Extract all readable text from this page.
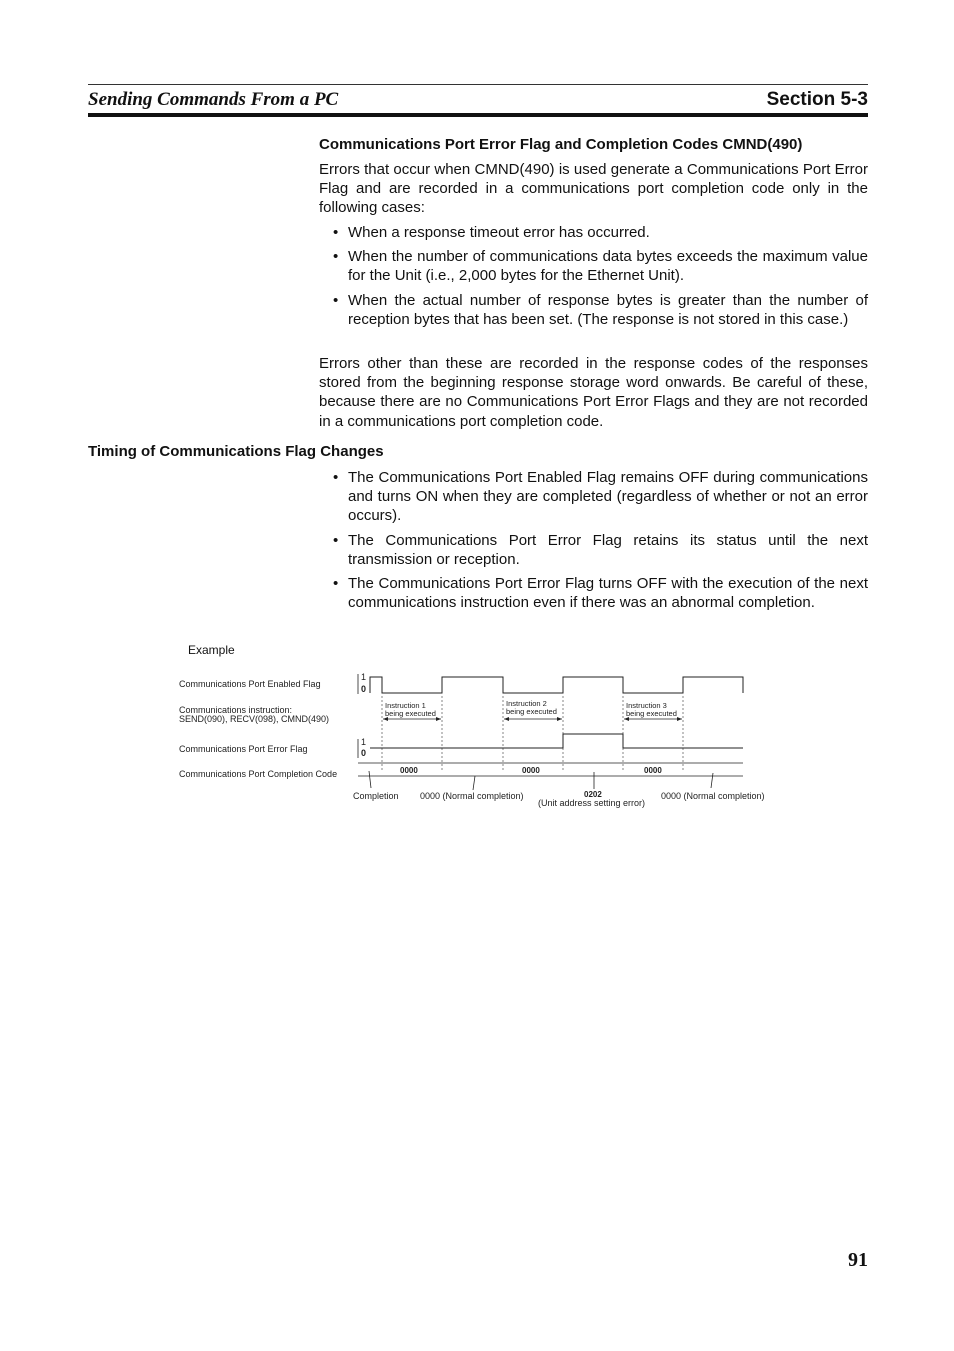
Sending Commands From a PC	Section 5-3
Communications Port Error Flag and Completion Codes CMND(490)

Errors that occur when CMND(490) is used generate a Communications Port Error Flag and are recorded in a communications port completion code only in the following cases:

• When a response timeout error has occurred.
• When the number of communications data bytes exceeds the maximum value for the Unit (i.e., 2,000 bytes for the Ethernet Unit).
• When the actual number of response bytes is greater than the number of reception bytes that has been set. (The response is not stored in this case.)

Errors other than these are recorded in the response codes of the responses stored from the beginning response storage word onwards. Be careful of these, because there are no Communications Port Error Flags and they are not recorded in a communications port completion code.

Timing of Communications Flag Changes
• The Communications Port Enabled Flag remains OFF during communications and turns ON when they are completed (regardless of whether or not an error occurs).
• The Communications Port Error Flag retains its status until the next transmission or reception.
• The Communications Port Error Flag turns OFF with the execution of the next communications instruction even if there was an abnormal completion.
Example
Communications Port Enabled Flag
Communications instruction:
SEND(090), RECV(098), CMND(490)
Communications Port Error Flag
Communications Port Completion Code
1
0
1
0
Instruction 1
being executed
Instruction 2
being executed
Instruction 3
being executed
0000	0000	0000
Completion 0000 (Normal completion)	0202
(Unit address setting error)
0000 (Normal completion)
91
